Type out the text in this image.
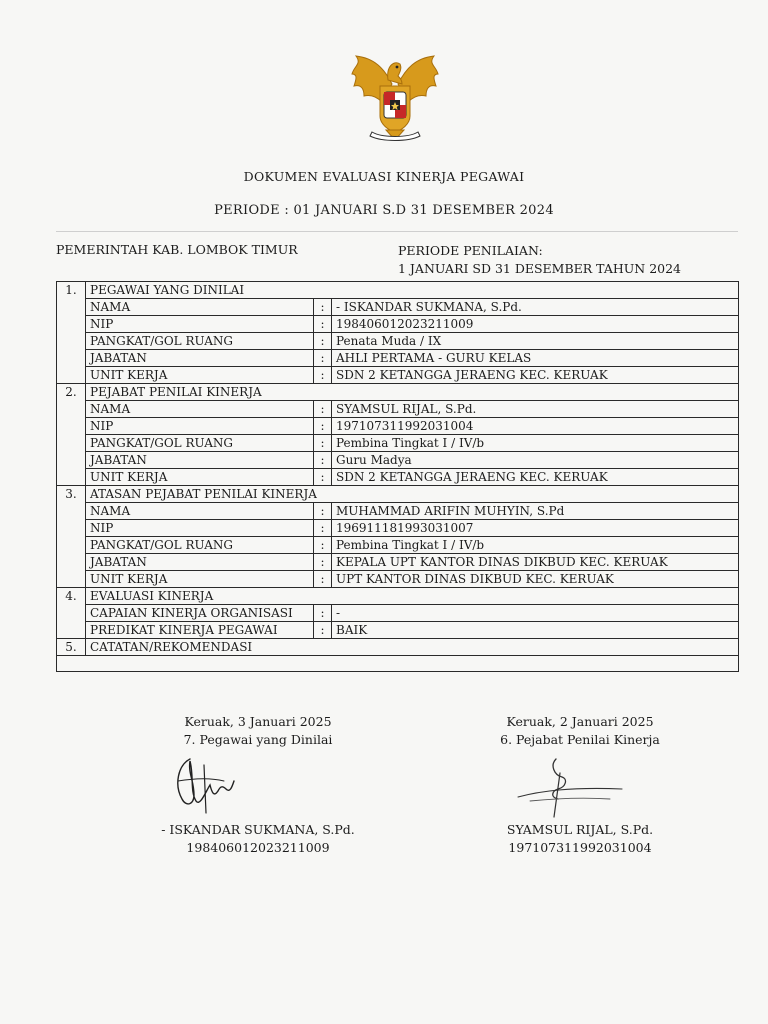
DOKUMEN EVALUASI KINERJA PEGAWAI
PERIODE : 01 JANUARI S.D 31 DESEMBER 2024
PEMERINTAH KAB. LOMBOK TIMUR	PERIODE PENILAIAN:
1 JANUARI SD 31 DESEMBER TAHUN 2024
1.	PEGAWAI YANG DINILAI		
	NAMA	:	- ISKANDAR SUKMANA, S.Pd.
	NIP	:	198406012023211009
	PANGKAT/GOL RUANG	:	Penata Muda / IX
	JABATAN	:	AHLI PERTAMA - GURU KELAS
	UNIT KERJA	:	SDN 2 KETANGGA JERAENG KEC. KERUAK
2.	PEJABAT PENILAI KINERJA		
	NAMA	:	SYAMSUL RIJAL, S.Pd.
	NIP	:	197107311992031004
	PANGKAT/GOL RUANG	:	Pembina Tingkat I / IV/b
	JABATAN	:	Guru Madya
	UNIT KERJA	:	SDN 2 KETANGGA JERAENG KEC. KERUAK
3.	ATASAN PEJABAT PENILAI KINERJA		
	NAMA	:	MUHAMMAD ARIFIN MUHYIN, S.Pd
	NIP	:	196911181993031007
	PANGKAT/GOL RUANG	:	Pembina Tingkat I / IV/b
	JABATAN	:	KEPALA UPT KANTOR DINAS DIKBUD KEC. KERUAK
	UNIT KERJA	:	UPT KANTOR DINAS DIKBUD KEC. KERUAK
4.	EVALUASI KINERJA		
	CAPAIAN KINERJA ORGANISASI	:	-
	PREDIKAT KINERJA PEGAWAI	:	BAIK
5.	CATATAN/REKOMENDASI		

Keruak, 3 Januari 2025
7. Pegawai yang Dinilai
- ISKANDAR SUKMANA, S.Pd.
198406012023211009
Keruak, 2 Januari 2025
6. Pejabat Penilai Kinerja
SYAMSUL RIJAL, S.Pd.
197107311992031004
